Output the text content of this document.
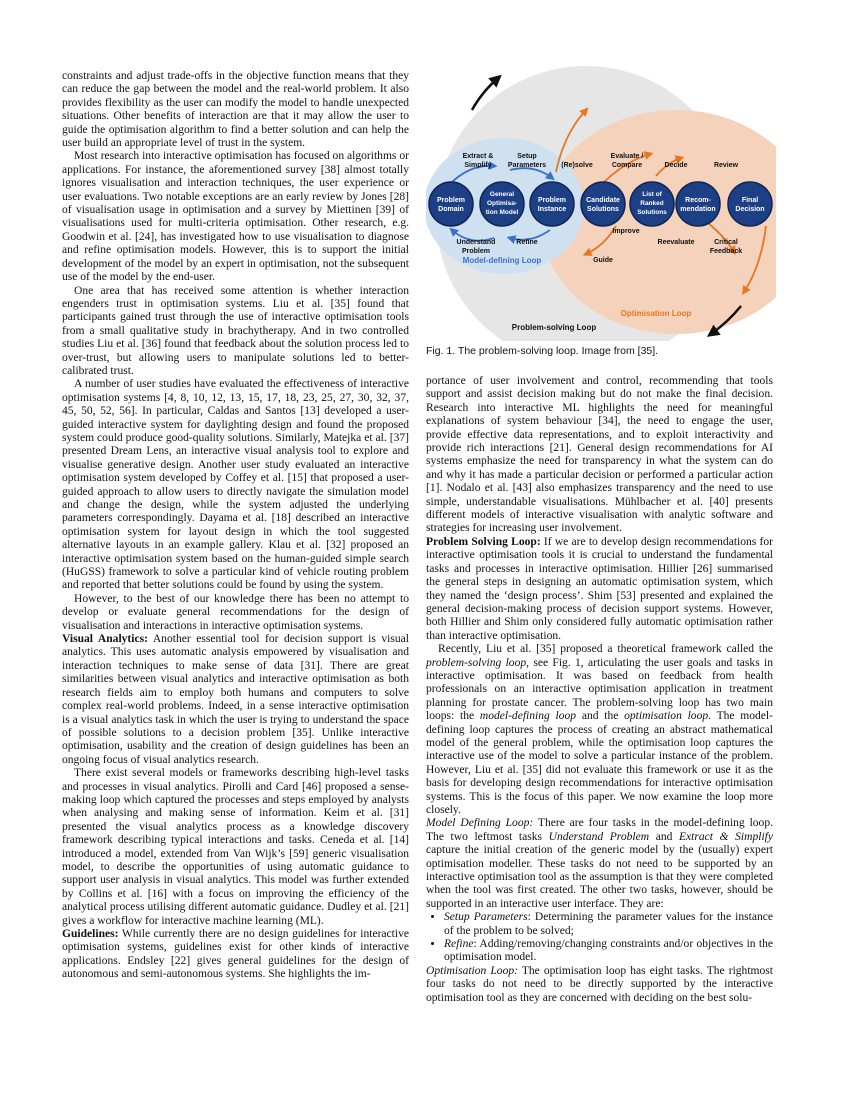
constraints and adjust trade-offs in the objective function means that they can reduce the gap between the model and the real-world problem. It also provides flexibility as the user can modify the model to handle unexpected situations. Other benefits of interaction are that it may allow the user to guide the optimisation algorithm to find a better solution and can help the user build an appropriate level of trust in the system.

Most research into interactive optimisation has focused on algorithms or applications. For instance, the aforementioned survey [38] almost totally ignores visualisation and interaction techniques, the user experience or user evaluations. Two notable exceptions are an early review by Jones [28] of visualisation usage in optimisation and a survey by Miettinen [39] of visualisations used for multi-criteria optimisation. Other research, e.g. Goodwin et al. [24], has investigated how to use visualisation to diagnose and refine optimisation models. However, this is to support the initial development of the model by an expert in optimisation, not the subsequent use of the model by the end-user.

One area that has received some attention is whether interaction engenders trust in optimisation systems. Liu et al. [35] found that participants gained trust through the use of interactive optimisation tools from a small qualitative study in brachytherapy. And in two controlled studies Liu et al. [36] found that feedback about the solution process led to over-trust, but allowing users to manipulate solutions led to better-calibrated trust.

A number of user studies have evaluated the effectiveness of interactive optimisation systems [4, 8, 10, 12, 13, 15, 17, 18, 23, 25, 27, 30, 32, 37, 45, 50, 52, 56]. In particular, Caldas and Santos [13] developed a user-guided interactive system for daylighting design and found the proposed system could produce good-quality solutions. Similarly, Matejka et al. [37] presented Dream Lens, an interactive visual analysis tool to explore and visualise generative design. Another user study evaluated an interactive optimisation system developed by Coffey et al. [15] that proposed a user-guided approach to allow users to directly navigate the simulation model and change the design, while the system adjusted the underlying parameters correspondingly. Dayama et al. [18] described an interactive optimisation system for layout design in which the tool suggested alternative layouts in an example gallery. Klau et al. [32] proposed an interactive optimisation system based on the human-guided simple search (HuGSS) framework to solve a particular kind of vehicle routing problem and reported that better solutions could be found by using the system.

However, to the best of our knowledge there has been no attempt to develop or evaluate general recommendations for the design of visualisation and interactions in interactive optimisation systems.

Visual Analytics: Another essential tool for decision support is visual analytics. This uses automatic analysis empowered by visualisation and interaction techniques to make sense of data [31]. There are great similarities between visual analytics and interactive optimisation as both research fields aim to employ both humans and computers to solve complex real-world problems. Indeed, in a sense interactive optimisation is a visual analytics task in which the user is trying to understand the space of possible solutions to a decision problem [35]. Unlike interactive optimisation, usability and the creation of design guidelines has been an ongoing focus of visual analytics research.

There exist several models or frameworks describing high-level tasks and processes in visual analytics. Pirolli and Card [46] proposed a sense-making loop which captured the processes and steps employed by analysts when analysing and making sense of information. Keim et al. [31] presented the visual analytics process as a knowledge discovery framework describing typical interactions and tasks. Ceneda et al. [14] introduced a model, extended from Van Wijk’s [59] generic visualisation model, to describe the opportunities of using automatic guidance to support user analysis in visual analytics. This model was further extended by Collins et al. [16] with a focus on improving the efficiency of the analytical process utilising different automatic guidance. Dudley et al. [21] gives a workflow for interactive machine learning (ML).

Guidelines: While currently there are no design guidelines for interactive optimisation systems, guidelines exist for other kinds of interactive applications. Endsley [22] gives general guidelines for the design of autonomous and semi-autonomous systems. She highlights the im-

Problem
Domain
General
Optimisa-
tion Model
Problem
Instance
Candidate
Solutions
List of
Ranked
Solutions
Recom-
mendation
Final
Decision
Extract &
Simplify
Setup
Parameters (Re)solve
Evaluate /
Compare	Decide	Review
Understand
Problem
Refine
Improve
Guide
Reevaluate	Critical
Feedback
Model-defining Loop
Optimisation Loop
Problem-solving Loop
Fig. 1. The problem-solving loop. Image from [35].

portance of user involvement and control, recommending that tools support and assist decision making but do not make the final decision. Research into interactive ML highlights the need for meaningful explanations of system behaviour [34], the need to engage the user, provide effective data representations, and to exploit interactivity and provide rich interactions [21]. General design recommendations for AI systems emphasize the need for transparency in what the system can do and why it has made a particular decision or performed a particular action [1]. Nodalo et al. [43] also emphasizes transparency and the need to use simple, understandable visualisations. Mühlbacher et al. [40] presents different models of interactive visualisation with analytic software and strategies for increasing user involvement.

Problem Solving Loop: If we are to develop design recommendations for interactive optimisation tools it is crucial to understand the fundamental tasks and processes in interactive optimisation. Hillier [26] summarised the general steps in designing an automatic optimisation system, which they named the ‘design process’. Shim [53] presented and explained the general decision-making process of decision support systems. However, both Hillier and Shim only considered fully automatic optimisation rather than interactive optimisation.

Recently, Liu et al. [35] proposed a theoretical framework called the problem-solving loop, see Fig. 1, articulating the user goals and tasks in interactive optimisation. It was based on feedback from health professionals on an interactive optimisation application in treatment planning for prostate cancer. The problem-solving loop has two main loops: the model-defining loop and the optimisation loop. The model-defining loop captures the process of creating an abstract mathematical model of the general problem, while the optimisation loop captures the interactive use of the model to solve a particular instance of the problem. However, Liu et al. [35] did not evaluate this framework or use it as the basis for developing design recommendations for interactive optimisation systems. This is the focus of this paper. We now examine the loop more closely.

Model Defining Loop: There are four tasks in the model-defining loop. The two leftmost tasks Understand Problem and Extract & Simplify capture the initial creation of the generic model by the (usually) expert optimisation modeller. These tasks do not need to be supported by an interactive optimisation tool as the assumption is that they were completed when the tool was first created. The other two tasks, however, should be supported in an interactive user interface. They are:

• Setup Parameters: Determining the parameter values for the instance of the problem to be solved;
• Refine: Adding/removing/changing constraints and/or objectives in the optimisation model.

Optimisation Loop: The optimisation loop has eight tasks. The rightmost four tasks do not need to be directly supported by the interactive optimisation tool as they are concerned with deciding on the best solu-
